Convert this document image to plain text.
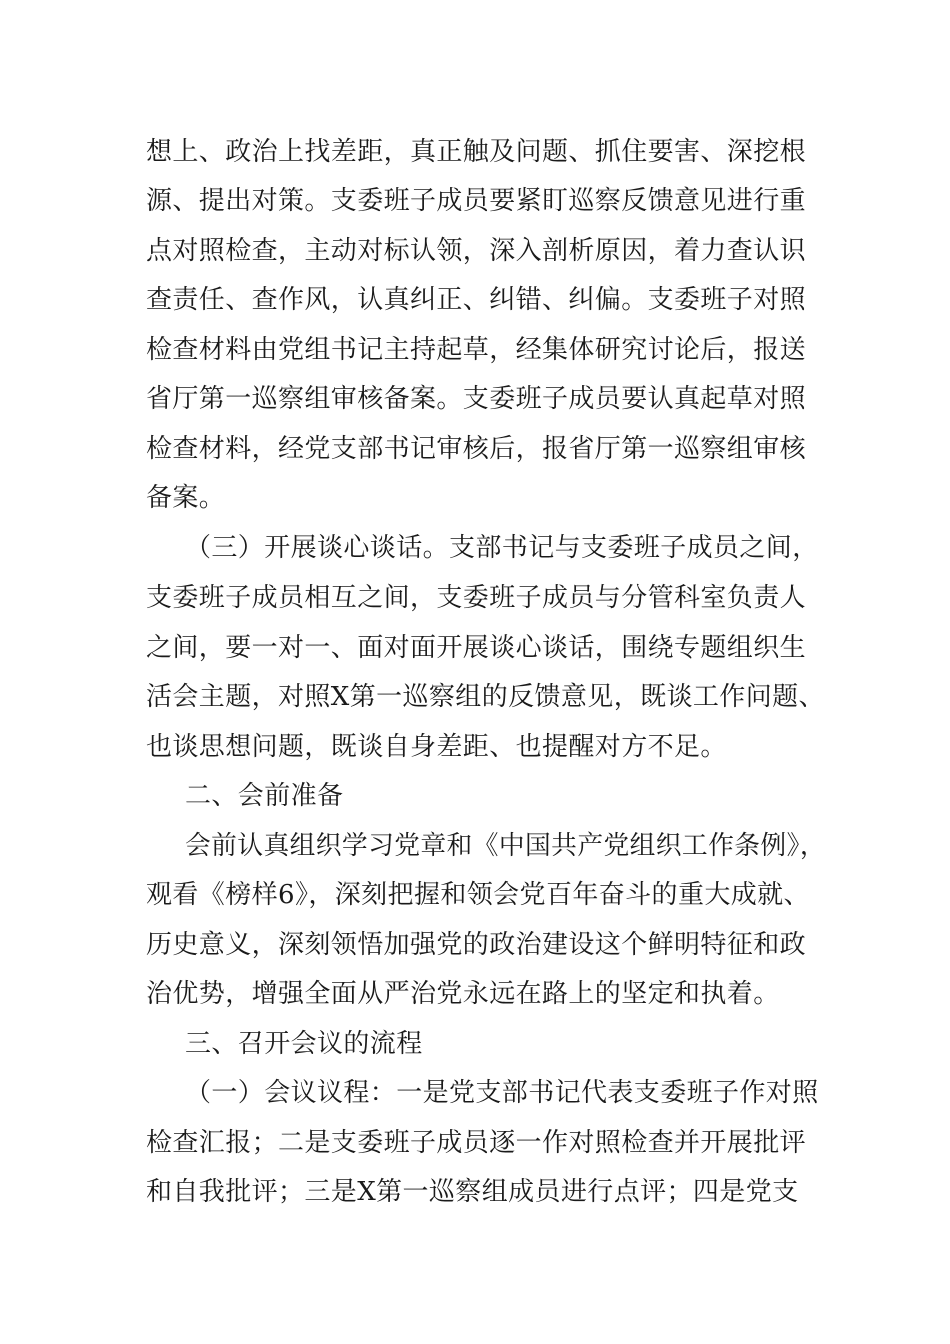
想上、政治上找差距，真正触及问题、抓住要害、深挖根
源、提出对策。支委班子成员要紧盯巡察反馈意见进行重
点对照检查，主动对标认领，深入剖析原因，着力查认识
查责任、查作风，认真纠正、纠错、纠偏。支委班子对照
检查材料由党组书记主持起草，经集体研究讨论后，报送
省厅第一巡察组审核备案。支委班子成员要认真起草对照
检查材料，经党支部书记审核后，报省厅第一巡察组审核
备案。
（三）开展谈心谈话。支部书记与支委班子成员之间，
支委班子成员相互之间，支委班子成员与分管科室负责人
之间，要一对一、面对面开展谈心谈话，围绕专题组织生
活会主题，对照X第一巡察组的反馈意见，既谈工作问题、
也谈思想问题，既谈自身差距、也提醒对方不足。
二、会前准备
会前认真组织学习党章和《中国共产党组织工作条例》，
观看《榜样6》，深刻把握和领会党百年奋斗的重大成就、
历史意义，深刻领悟加强党的政治建设这个鲜明特征和政
治优势，增强全面从严治党永远在路上的坚定和执着。
三、召开会议的流程
（一）会议议程：一是党支部书记代表支委班子作对照
检查汇报；二是支委班子成员逐一作对照检查并开展批评
和自我批评；三是X第一巡察组成员进行点评；四是党支
